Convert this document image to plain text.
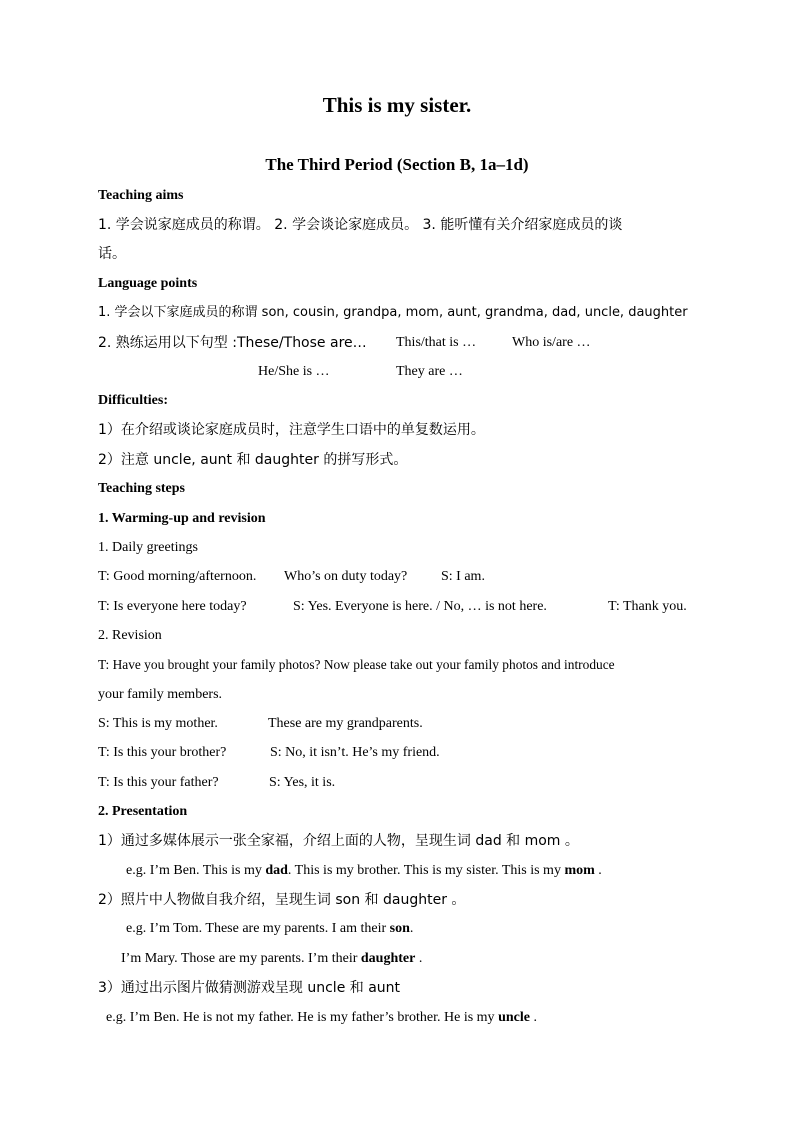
This is my sister.
The Third Period (Section B, 1a–1d)
Teaching aims
1. 学会说家庭成员的称谓。 2. 学会谈论家庭成员。 3. 能听懂有关介绍家庭成员的谈
话。
Language points
1. 学会以下家庭成员的称谓 son, cousin, grandpa, mom, aunt, grandma, dad, uncle, daughter
2. 熟练运用以下句型 :These/Those are… This/that is …	Who is/are …
He/She is …	They are …
Difficulties:
1）在介绍或谈论家庭成员时，注意学生口语中的单复数运用。
2）注意 uncle, aunt 和 daughter 的拼写形式。
Teaching steps
1. Warming-up and revision
1. Daily greetings
T: Good morning/afternoon. Who’s on duty today? S: I am.
T: Is everyone here today?	S: Yes. Everyone is here. / No, … is not here.	T: Thank you.
2. Revision
T: Have you brought your family photos? Now please take out your family photos and introduce
your family members.
S: This is my mother.	These are my grandparents.
T: Is this your brother?	S: No, it isn’t. He’s my friend.
T: Is this your father?	S: Yes, it is.
2. Presentation
1）通过多媒体展示一张全家福，介绍上面的人物，呈现生词 dad 和 mom 。
e.g. I’m Ben. This is my dad. This is my brother. This is my sister. This is my mom .
2）照片中人物做自我介绍，呈现生词 son 和 daughter 。
e.g. I’m Tom. These are my parents. I am their son.
I’m Mary. Those are my parents. I’m their daughter .
3）通过出示图片做猜测游戏呈现 uncle 和 aunt
e.g. I’m Ben. He is not my father. He is my father’s brother. He is my uncle .
